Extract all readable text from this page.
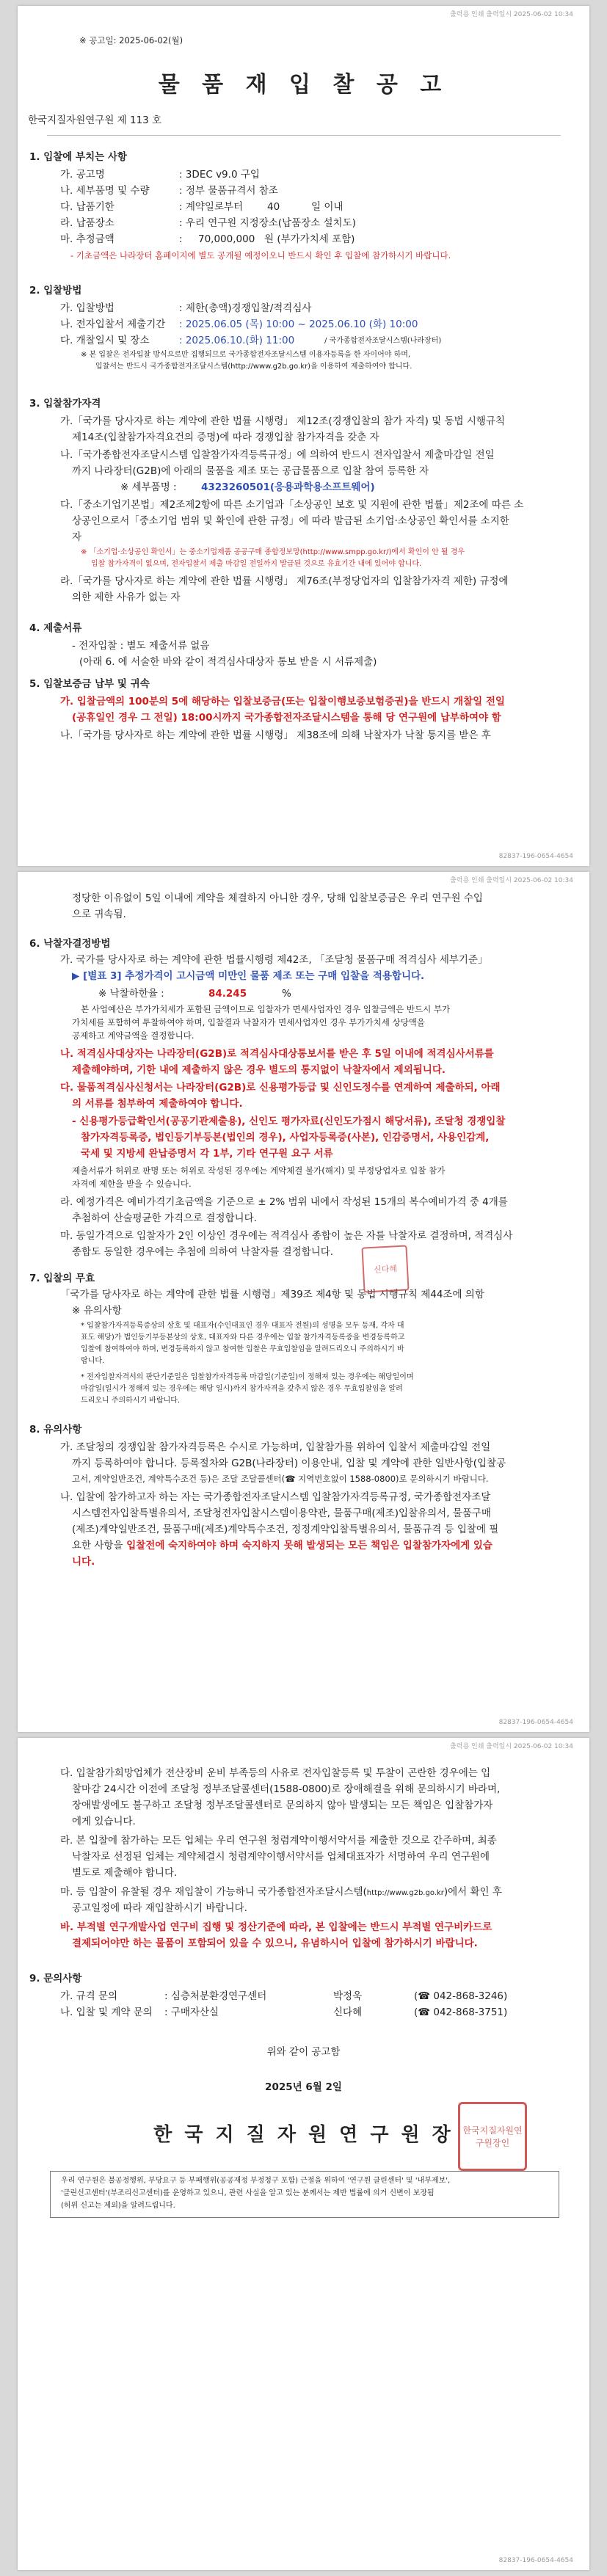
출력용 인쇄 출력일시 2025-06-02 10:34
※ 공고일: 2025-06-02(월)
물 품 재 입 찰 공 고
한국지질자원연구원 제 113 호
1. 입찰에 부치는 사항
가. 공고명	: 3DEC v9.0 구입
나. 세부품명 및 수량	: 정부 물품규격서 참조
다. 납품기한	: 계약일로부터 40	일 이내
라. 납품장소	: 우리 연구원 지정장소(납품장소 설치도)
마. 추정금액	: 70,000,000 원 (부가가치세 포함)
- 기초금액은 나라장터 홈페이지에 별도 공개될 예정이오니 반드시 확인 후 입찰에 참가하시기 바랍니다.
2. 입찰방법
가. 입찰방법	: 제한(총액)경쟁입찰/적격심사
나. 전자입찰서 제출기간 : 2025.06.05 (목) 10:00 ~ 2025.06.10 (화) 10:00
다. 개찰일시 및 장소	: 2025.06.10.(화) 11:00	/ 국가종합전자조달시스템(나라장터)
※ 본 입찰은 전자입찰 방식으로만 집행되므로 국가종합전자조달시스템 이용자등록을 한 자이어야 하며,
입찰서는 반드시 국가종합전자조달시스템(http://www.g2b.go.kr)을 이용하여 제출하여야 합니다.
3. 입찰참가자격
가.「국가를 당사자로 하는 계약에 관한 법률 시행령」 제12조(경쟁입찰의 참가 자격) 및 동법 시행규칙
제14조(입찰참가자격요건의 증명)에 따라 경쟁입찰 참가자격을 갖춘 자
나.「국가종합전자조달시스템 입찰참가자격등록규정」에 의하여 반드시 전자입찰서 제출마감일 전일
까지 나라장터(G2B)에 아래의 물품을 제조 또는 공급물품으로 입찰 참여 등록한 자
※ 세부품명 : 4323260501(응용과학용소프트웨어)
다.「중소기업기본법」제2조제2항에 따른 소기업과「소상공인 보호 및 지원에 관한 법률」제2조에 따른 소
상공인으로서「중소기업 범위 및 확인에 관한 규정」에 따라 발급된 소기업·소상공인 확인서를 소지한
자
※ 「소기업·소상공인 확인서」는 중소기업제품 공공구매 종합정보망(http://www.smpp.go.kr/)에서 확인이 안 될 경우
입찰 참가자격이 없으며, 전자입찰서 제출 마감일 전일까지 발급된 것으로 유효기간 내에 있어야 합니다.
라.「국가를 당사자로 하는 계약에 관한 법률 시행령」 제76조(부정당업자의 입찰참가자격 제한) 규정에
의한 제한 사유가 없는 자
4. 제출서류
- 전자입찰 : 별도 제출서류 없음
(아래 6. 에 서술한 바와 같이 적격심사대상자 통보 받을 시 서류제출)
5. 입찰보증금 납부 및 귀속
가. 입찰금액의 100분의 5에 해당하는 입찰보증금(또는 입찰이행보증보험증권)을 반드시 개찰일 전일
(공휴일인 경우 그 전일) 18:00시까지 국가종합전자조달시스템을 통해 당 연구원에 납부하여야 함
나.「국가를 당사자로 하는 계약에 관한 법률 시행령」 제38조에 의해 낙찰자가 낙찰 통지를 받은 후
82837-196-0654-4654
출력용 인쇄 출력일시 2025-06-02 10:34
정당한 이유없이 5일 이내에 계약을 체결하지 아니한 경우, 당해 입찰보증금은 우리 연구원 수입
으로 귀속됨.
6. 낙찰자결정방법
가. 국가를 당사자로 하는 계약에 관한 법률시행령 제42조, 「조달청 물품구매 적격심사 세부기준」
▶ [별표 3] 추정가격이 고시금액 미만인 물품 제조 또는 구매 입찰을 적용합니다.
※ 낙찰하한율 :	84.245	%
본 사업예산은 부가가치세가 포함된 금액이므로 입찰자가 면세사업자인 경우 입찰금액은 반드시 부가
가치세를 포함하여 투찰하여야 하며, 입찰결과 낙찰자가 면세사업자인 경우 부가가치세 상당액을
공제하고 계약금액을 결정합니다.
나. 적격심사대상자는 나라장터(G2B)로 적격심사대상통보서를 받은 후 5일 이내에 적격심사서류를
제출해야하며, 기한 내에 제출하지 않은 경우 별도의 통지없이 낙찰자에서 제외됩니다.
다. 물품적격심사신청서는 나라장터(G2B)로 신용평가등급 및 신인도정수를 연계하여 제출하되, 아래
의 서류를 첨부하여 제출하여야 합니다.
- 신용평가등급확인서(공공기관제출용), 신인도 평가자료(신인도가점시 해당서류), 조달청 경쟁입찰
참가자격등록증, 법인등기부등본(법인의 경우), 사업자등록증(사본), 인감증명서, 사용인감계,
국세 및 지방세 완납증명서 각 1부, 기타 연구원 요구 서류
제출서류가 허위로 판명 또는 허위로 작성된 경우에는 계약체결 불가(해지) 및 부정당업자로 입찰 참가
자격에 제한을 받을 수 있습니다.
라. 예정가격은 예비가격기초금액을 기준으로 ± 2% 범위 내에서 작성된 15개의 복수예비가격 중 4개를
추첨하여 산술평균한 가격으로 결정합니다.
마. 동일가격으로 입찰자가 2인 이상인 경우에는 적격심사 종합이 높은 자를 낙찰자로 결정하며, 적격심사
종합도 동일한 경우에는 추첨에 의하여 낙찰자를 결정합니다.
7. 입찰의 무효
「국가를 당사자로 하는 계약에 관한 법률 시행령」제39조 제4항 및 동법 시행규칙 제44조에 의함
※ 유의사항
* 입찰참가자격등록증상의 상호 및 대표자(수인대표인 경우 대표자 전원)의 성명을 모두 등재, 각자 대
표도 해당)가 법인등기부등본상의 상호, 대표자와 다른 경우에는 입찰 참가자격등록증을 변경등록하고
입찰에 참여하여야 하며, 변경등록하지 않고 참여한 입찰은 무효입찰임을 알려드리오니 주의하시기 바
랍니다.
* 전자입찰자격서의 판단기준일은 입찰참가자격등록 마감일(기준일)이 정해져 있는 경우에는 해당일이며
마감일(일시가 정해져 있는 경우에는 해당 일시)까지 참가자격을 갖추지 않은 경우 무효입찰임을 알려
드리오니 주의하시기 바랍니다.
8. 유의사항
가. 조달청의 경쟁입찰 참가자격등록은 수시로 가능하며, 입찰참가를 위하여 입찰서 제출마감일 전일
까지 등록하여야 합니다. 등록절차와 G2B(나라장터) 이용안내, 입찰 및 계약에 관한 일반사항(입찰공
고서, 계약일반조건, 계약특수조건 등)은 조달 조달콜센터(☎ 지역번호없이 1588-0800)로 문의하시기 바랍니다.
나. 입찰에 참가하고자 하는 자는 국가종합전자조달시스템 입찰참가자격등록규정, 국가종합전자조달
시스템전자입찰특별유의서, 조달청전자입찰시스템이용약관, 물품구매(제조)입찰유의서, 물품구매
(제조)계약일반조건, 물품구매(제조)계약특수조건, 정정계약입찰특별유의서, 물품규격 등 입찰에 필
요한 사항을 입찰전에 숙지하여야 하며 숙지하지 못해 발생되는 모든 책임은 입찰참가자에게 있습
니다.
신다혜
82837-196-0654-4654
출력용 인쇄 출력일시 2025-06-02 10:34
다. 입찰참가희망업체가 전산장비 운비 부족등의 사유로 전자입찰등록 및 투찰이 곤란한 경우에는 입
찰마감 24시간 이전에 조달청 정부조달콜센터(1588-0800)로 장애해결을 위해 문의하시기 바라며,
장애발생에도 불구하고 조달청 정부조달콜센터로 문의하지 않아 발생되는 모든 책임은 입찰참가자
에게 있습니다.
라. 본 입찰에 참가하는 모든 업체는 우리 연구원 청렴계약이행서약서를 제출한 것으로 간주하며, 최종
낙찰자로 선정된 업체는 계약체결시 청렴계약이행서약서를 업체대표자가 서명하여 우리 연구원에
별도로 제출해야 합니다.
마. 등 입찰이 유찰될 경우 재입찰이 가능하니 국가종합전자조달시스템(http://www.g2b.go.kr)에서 확인 후
공고일정에 따라 재입찰하시기 바랍니다.
바. 부적별 연구개발사업 연구비 집행 및 정산기준에 따라, 본 입찰에는 반드시 부적별 연구비카드로
결제되어야만 하는 물품이 포함되어 있을 수 있으니, 유념하시어 입찰에 참가하시기 바랍니다.
9. 문의사항
가. 규격 문의	: 심층처분환경연구센터	박정욱	(☎ 042-868-3246)
나. 입찰 및 계약 문의 : 구매자산실	신다혜	(☎ 042-868-3751)
위와 같이 공고함
2025년 6월 2일
한 국 지 질 자 원 연 구 원 장	한국지질자원연구원장인
우리 연구원은 불공정행위, 부당요구 등 부패행위(공공재정 부정청구 포함) 근절을 위하여 '연구원 클린센터' 및 '내부제보',
'클린신고센터'(부조리신고센터)를 운영하고 있으니, 관련 사실을 알고 있는 분께서는 제반 법률에 의거 신변이 보장됨
(허위 신고는 제외)을 알려드립니다.
82837-196-0654-4654
